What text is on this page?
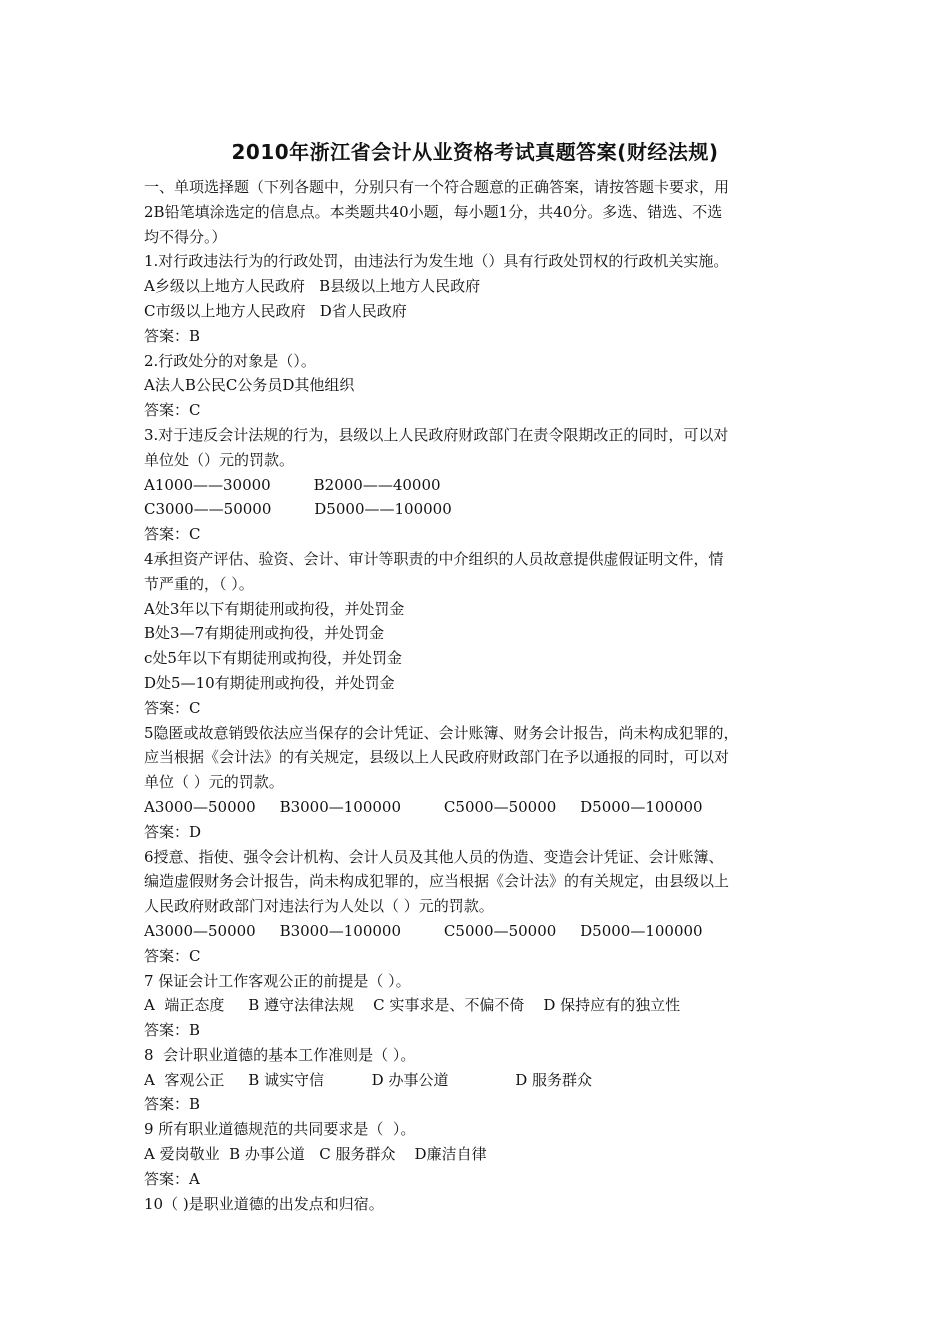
2010年浙江省会计从业资格考试真题答案(财经法规)
一、单项选择题（下列各题中，分别只有一个符合题意的正确答案，请按答题卡要求，用
2B铅笔填涂选定的信息点。本类题共40小题，每小题1分，共40分。多选、错选、不选
均不得分。）
1.对行政违法行为的行政处罚，由违法行为发生地（）具有行政处罚权的行政机关实施。
A乡级以上地方人民政府   B县级以上地方人民政府
C市级以上地方人民政府   D省人民政府
答案：B
2.行政处分的对象是（）。
A法人B公民C公务员D其他组织
答案：C
3.对于违反会计法规的行为，县级以上人民政府财政部门在责令限期改正的同时，可以对
单位处（）元的罚款。
A1000——30000         B2000——40000
C3000——50000         D5000——100000
答案：C
4承担资产评估、验资、会计、审计等职责的中介组织的人员故意提供虚假证明文件，情
节严重的，（ ）。
A处3年以下有期徒刑或拘役，并处罚金
B处3—7有期徒刑或拘役，并处罚金
c处5年以下有期徒刑或拘役，并处罚金
D处5—10有期徒刑或拘役，并处罚金
答案：C
5隐匿或故意销毁依法应当保存的会计凭证、会计账簿、财务会计报告，尚未构成犯罪的，
应当根据《会计法》的有关规定，县级以上人民政府财政部门在予以通报的同时，可以对
单位（ ）元的罚款。
A3000—50000     B3000—100000         C5000—50000     D5000—100000
答案：D
6授意、指使、强令会计机构、会计人员及其他人员的伪造、变造会计凭证、会计账簿、
编造虚假财务会计报告，尚未构成犯罪的，应当根据《会计法》的有关规定，由县级以上
人民政府财政部门对违法行为人处以（ ）元的罚款。
A3000—50000     B3000—100000         C5000—50000     D5000—100000
答案：C
7 保证会计工作客观公正的前提是（ ）。
A  端正态度     B 遵守法律法规    C 实事求是、不偏不倚    D 保持应有的独立性
答案：B
8  会计职业道德的基本工作准则是（ ）。
A  客观公正     B 诚实守信          D 办事公道              D 服务群众
答案：B
9 所有职业道德规范的共同要求是（  ）。
A 爱岗敬业  B 办事公道   C 服务群众    D廉洁自律
答案：A
10（ )是职业道德的出发点和归宿。
